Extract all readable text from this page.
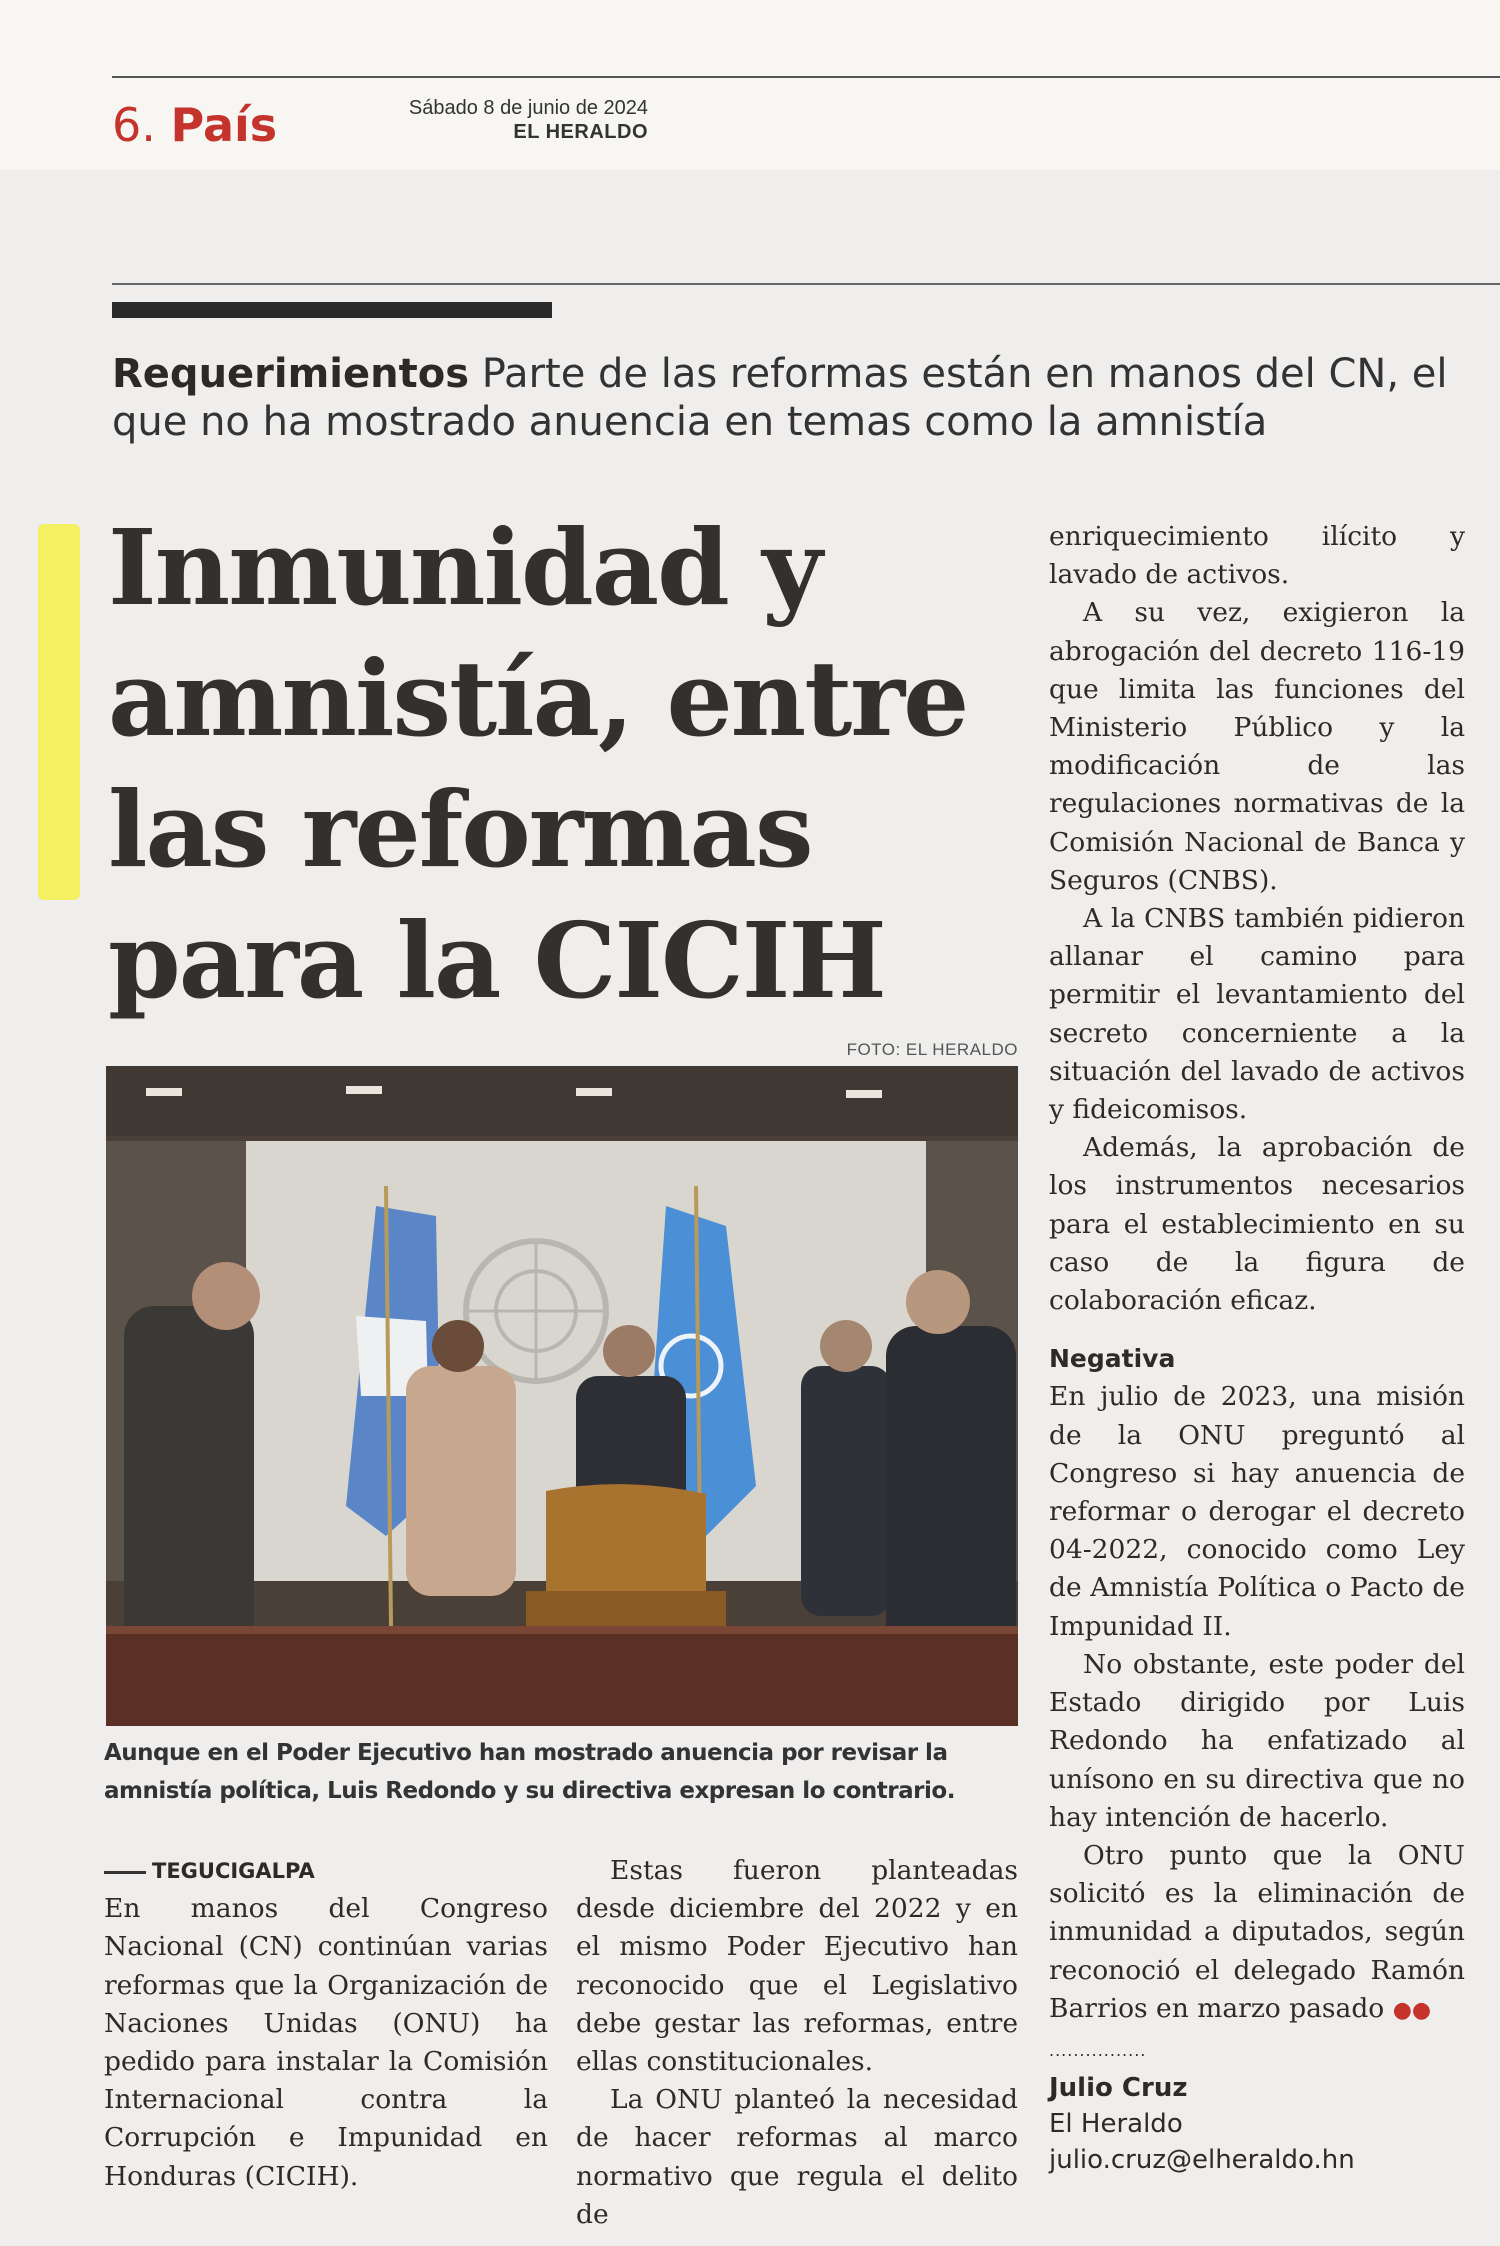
6. País	Sábado 8 de junio de 2024
EL HERALDO
Requerimientos Parte de las reformas están en manos del CN, el que no ha mostrado anuencia en temas como la amnistía
Inmunidad y amnistía, entre las reformas para la CICIH
FOTO: EL HERALDO
Aunque en el Poder Ejecutivo han mostrado anuencia por revisar la amnistía política, Luis Redondo y su directiva expresan lo contrario.
TEGUCIGALPA

En manos del Congreso Nacional (CN) continúan varias reformas que la Organización de Naciones Unidas (ONU) ha pedido para instalar la Comisión Internacional contra la Corrupción e Impunidad en Honduras (CICIH).

Estas fueron planteadas desde diciembre del 2022 y en el mismo Poder Ejecutivo han reconocido que el Legislativo debe gestar las reformas, entre ellas constitucionales.

La ONU planteó la necesidad de hacer reformas al marco normativo que regula el delito de

enriquecimiento ilícito y lavado de activos.

A su vez, exigieron la abrogación del decreto 116-19 que limita las funciones del Ministerio Público y la modificación de las regulaciones normativas de la Comisión Nacional de Banca y Seguros (CNBS).

A la CNBS también pidieron allanar el camino para permitir el levantamiento del secreto concerniente a la situación del lavado de activos y fideicomisos.

Además, la aprobación de los instrumentos necesarios para el establecimiento en su caso de la figura de colaboración eficaz.

Negativa

En julio de 2023, una misión de la ONU preguntó al Congreso si hay anuencia de reformar o derogar el decreto 04-2022, conocido como Ley de Amnistía Política o Pacto de Impunidad II.

No obstante, este poder del Estado dirigido por Luis Redondo ha enfatizado al unísono en su directiva que no hay intención de hacerlo.

Otro punto que la ONU solicitó es la eliminación de inmunidad a diputados, según reconoció el delegado Ramón Barrios en marzo pasado ●●

................
Julio Cruz
El Heraldo
julio.cruz@elheraldo.hn
